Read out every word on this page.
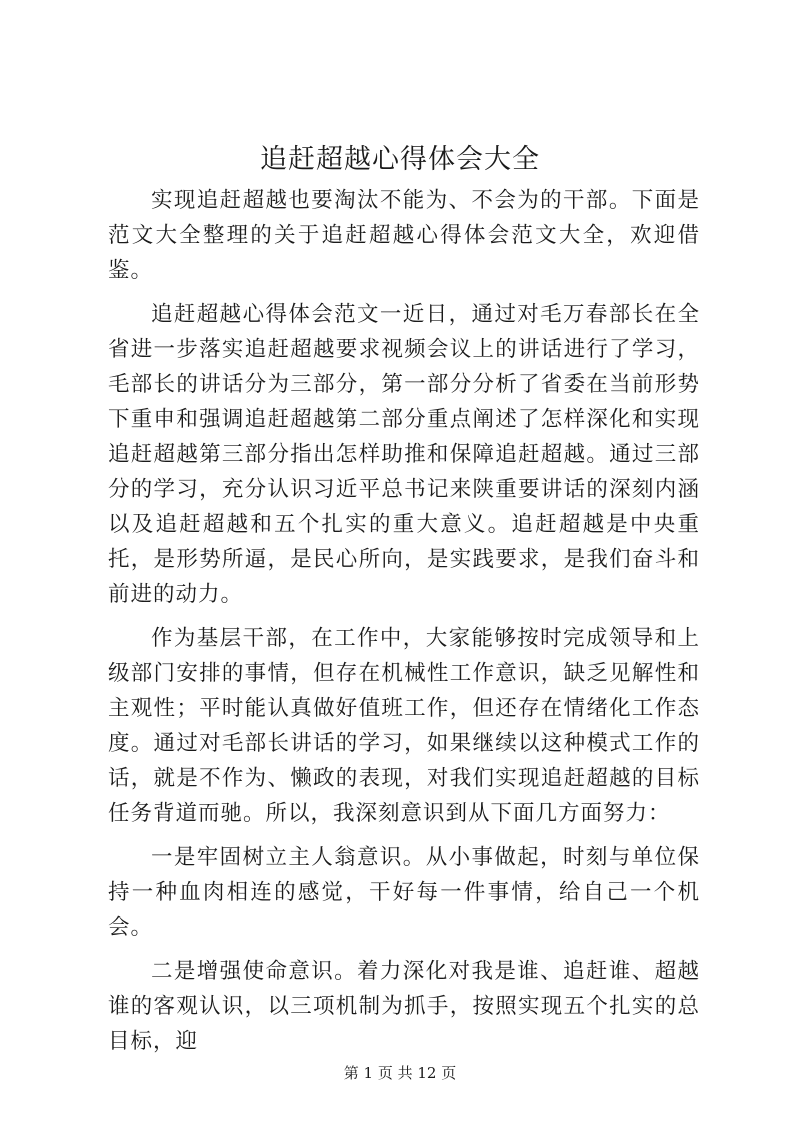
追赶超越心得体会大全

实现追赶超越也要淘汰不能为、不会为的干部。下面是范文大全整理的关于追赶超越心得体会范文大全，欢迎借鉴。

追赶超越心得体会范文一近日，通过对毛万春部长在全省进一步落实追赶超越要求视频会议上的讲话进行了学习，毛部长的讲话分为三部分，第一部分分析了省委在当前形势下重申和强调追赶超越第二部分重点阐述了怎样深化和实现追赶超越第三部分指出怎样助推和保障追赶超越。通过三部分的学习，充分认识习近平总书记来陕重要讲话的深刻内涵以及追赶超越和五个扎实的重大意义。追赶超越是中央重托，是形势所逼，是民心所向，是实践要求，是我们奋斗和前进的动力。

作为基层干部，在工作中，大家能够按时完成领导和上级部门安排的事情，但存在机械性工作意识，缺乏见解性和主观性；平时能认真做好值班工作，但还存在情绪化工作态度。通过对毛部长讲话的学习，如果继续以这种模式工作的话，就是不作为、懒政的表现，对我们实现追赶超越的目标任务背道而驰。所以，我深刻意识到从下面几方面努力：

一是牢固树立主人翁意识。从小事做起，时刻与单位保持一种血肉相连的感觉，干好每一件事情，给自己一个机会。

二是增强使命意识。着力深化对我是谁、追赶谁、超越谁的客观认识，以三项机制为抓手，按照实现五个扎实的总目标，迎

第 1 页 共 12 页
